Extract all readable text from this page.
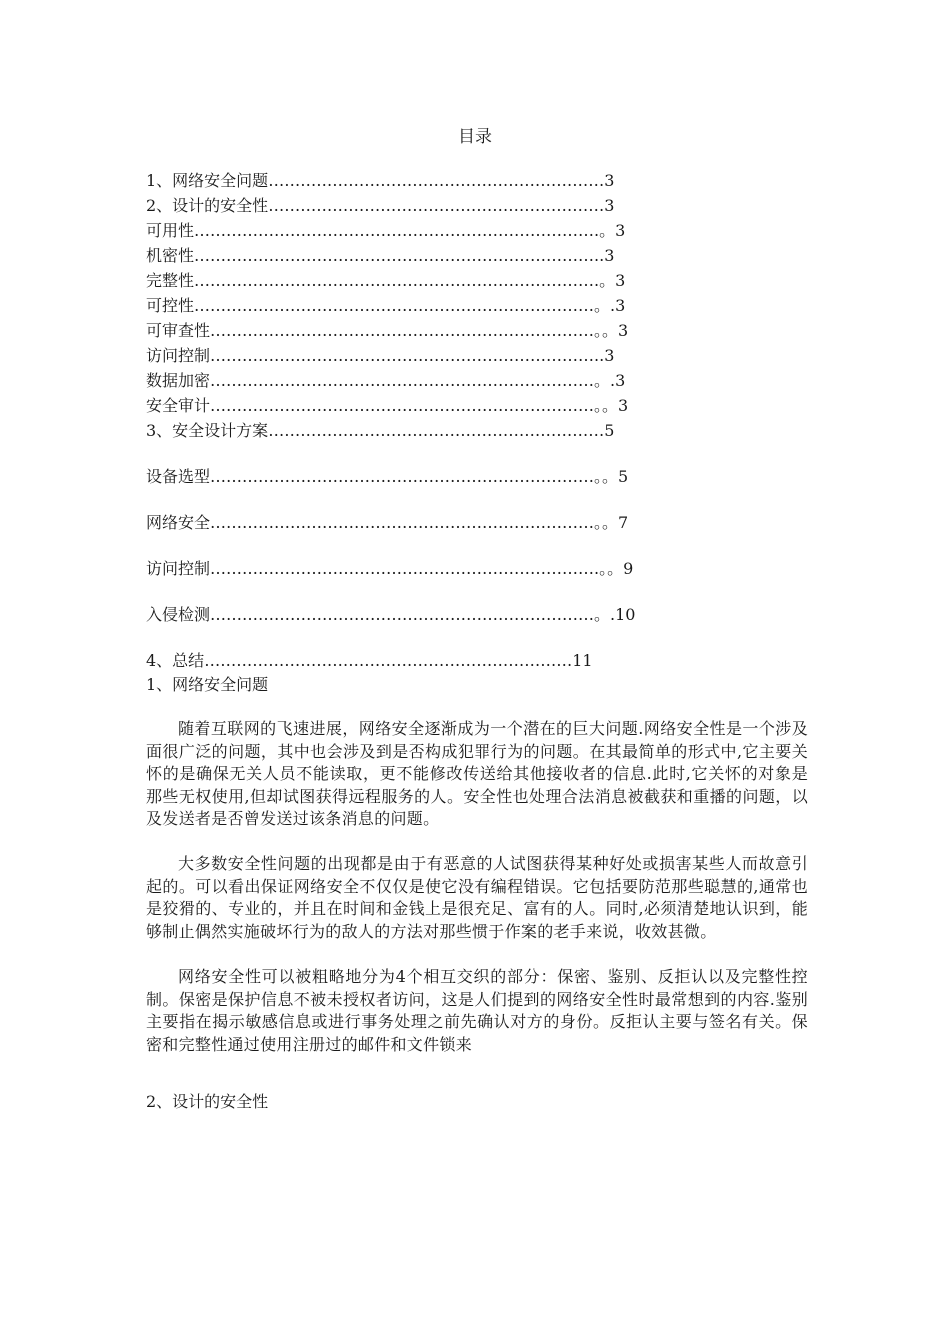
目录
1、网络安全问题………………………………………………………3
2、设计的安全性………………………………………………………3
可用性………………………………………………………………….。3
机密性…………………………………………………………………..3
完整性………………………………………………………………….。3
可控性…………………………………………………………………。.3
可审查性………………………………………………………………。。3
访问控制………………………………………………………………..3
数据加密………………………………………………………………。.3
安全审计………………………………………………………………。。3
3、安全设计方案………………………………………………………5
设备选型………………………………………………………………。。5
网络安全………………………………………………………………。。7
访问控制……………………………………………………………….。。9
入侵检测………………………………………………………………。.10
4、总结……………………………………………………………11
1、网络安全问题
随着互联网的飞速进展，网络安全逐渐成为一个潜在的巨大问题.网络安全性是一个涉及面很广泛的问题，其中也会涉及到是否构成犯罪行为的问题。在其最简单的形式中,它主要关怀的是确保无关人员不能读取，更不能修改传送给其他接收者的信息.此时,它关怀的对象是那些无权使用,但却试图获得远程服务的人。安全性也处理合法消息被截获和重播的问题，以及发送者是否曾发送过该条消息的问题。
大多数安全性问题的出现都是由于有恶意的人试图获得某种好处或损害某些人而故意引起的。可以看出保证网络安全不仅仅是使它没有编程错误。它包括要防范那些聪慧的,通常也是狡猾的、专业的，并且在时间和金钱上是很充足、富有的人。同时,必须清楚地认识到，能够制止偶然实施破坏行为的敌人的方法对那些惯于作案的老手来说，收效甚微。
网络安全性可以被粗略地分为4个相互交织的部分：保密、鉴别、反拒认以及完整性控制。保密是保护信息不被未授权者访问，这是人们提到的网络安全性时最常想到的内容.鉴别主要指在揭示敏感信息或进行事务处理之前先确认对方的身份。反拒认主要与签名有关。保密和完整性通过使用注册过的邮件和文件锁来
2、设计的安全性
